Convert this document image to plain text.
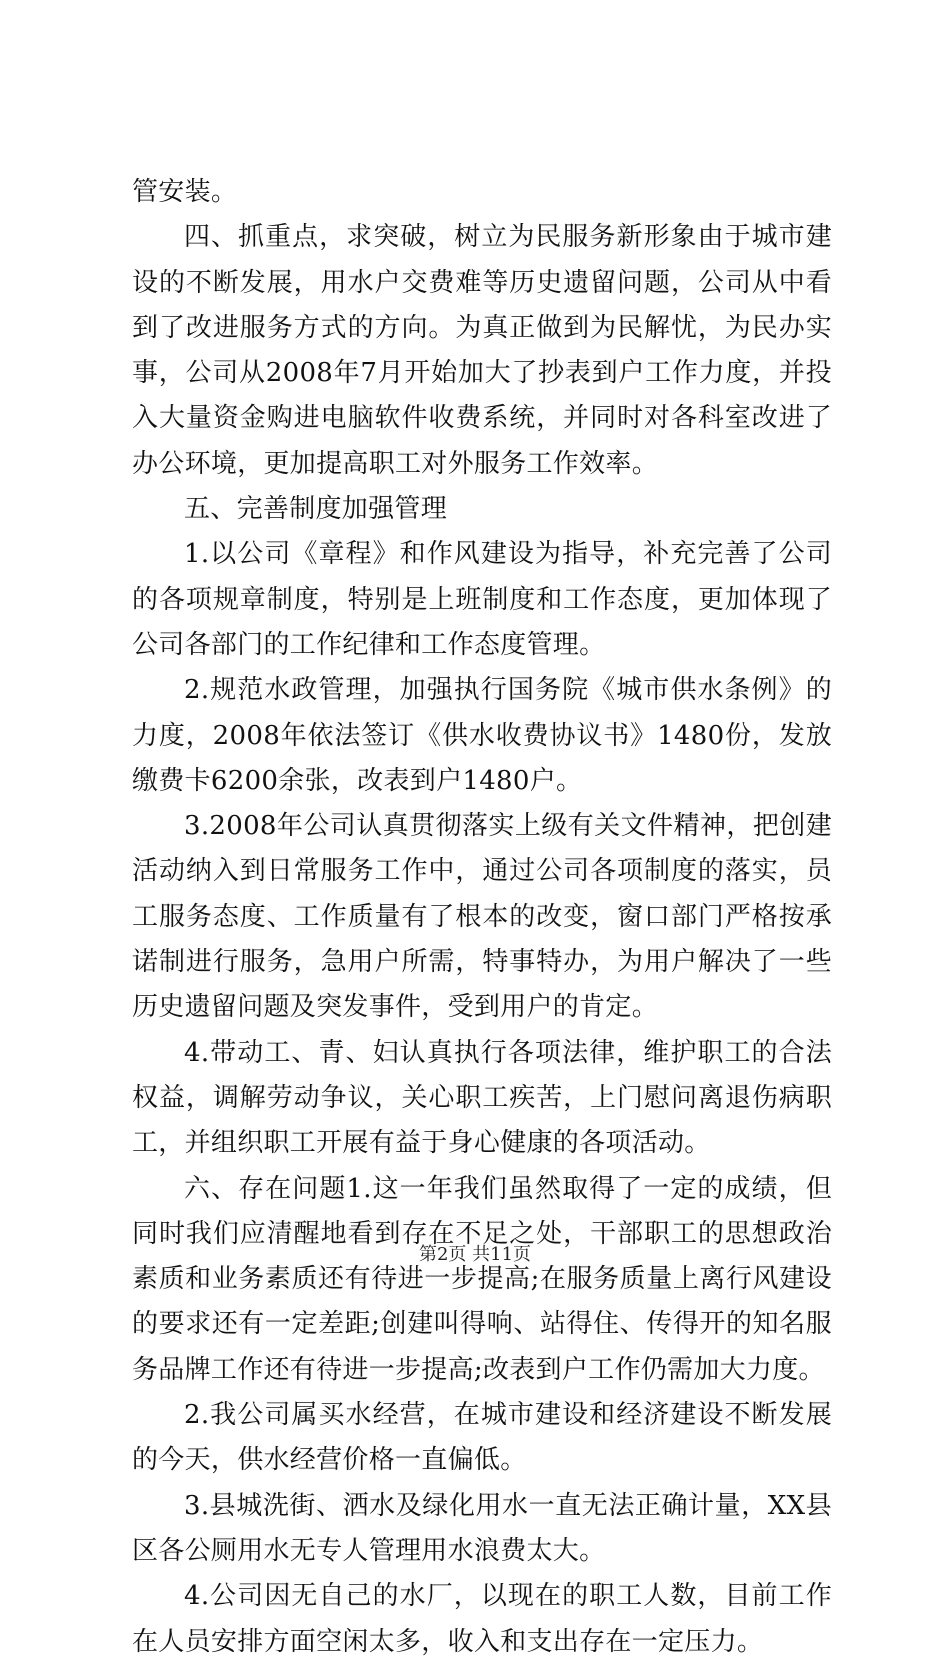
管安装。

四、抓重点，求突破，树立为民服务新形象由于城市建设的不断发展，用水户交费难等历史遗留问题，公司从中看到了改进服务方式的方向。为真正做到为民解忧，为民办实事，公司从2008年7月开始加大了抄表到户工作力度，并投入大量资金购进电脑软件收费系统，并同时对各科室改进了办公环境，更加提高职工对外服务工作效率。

五、完善制度加强管理

1.以公司《章程》和作风建设为指导，补充完善了公司的各项规章制度，特别是上班制度和工作态度，更加体现了公司各部门的工作纪律和工作态度管理。

2.规范水政管理，加强执行国务院《城市供水条例》的力度，2008年依法签订《供水收费协议书》1480份，发放缴费卡6200余张，改表到户1480户。

3.2008年公司认真贯彻落实上级有关文件精神，把创建活动纳入到日常服务工作中，通过公司各项制度的落实，员工服务态度、工作质量有了根本的改变，窗口部门严格按承诺制进行服务，急用户所需，特事特办，为用户解决了一些历史遗留问题及突发事件，受到用户的肯定。

4.带动工、青、妇认真执行各项法律，维护职工的合法权益，调解劳动争议，关心职工疾苦，上门慰问离退伤病职工，并组织职工开展有益于身心健康的各项活动。

六、存在问题1.这一年我们虽然取得了一定的成绩，但同时我们应清醒地看到存在不足之处，干部职工的思想政治素质和业务素质还有待进一步提高;在服务质量上离行风建设的要求还有一定差距;创建叫得响、站得住、传得开的知名服务品牌工作还有待进一步提高;改表到户工作仍需加大力度。

2.我公司属买水经营，在城市建设和经济建设不断发展的今天，供水经营价格一直偏低。

3.县城洗街、洒水及绿化用水一直无法正确计量，XX县区各公厕用水无专人管理用水浪费太大。

4.公司因无自己的水厂，以现在的职工人数，目前工作在人员安排方面空闲太多，收入和支出存在一定压力。

第2页 共11页
